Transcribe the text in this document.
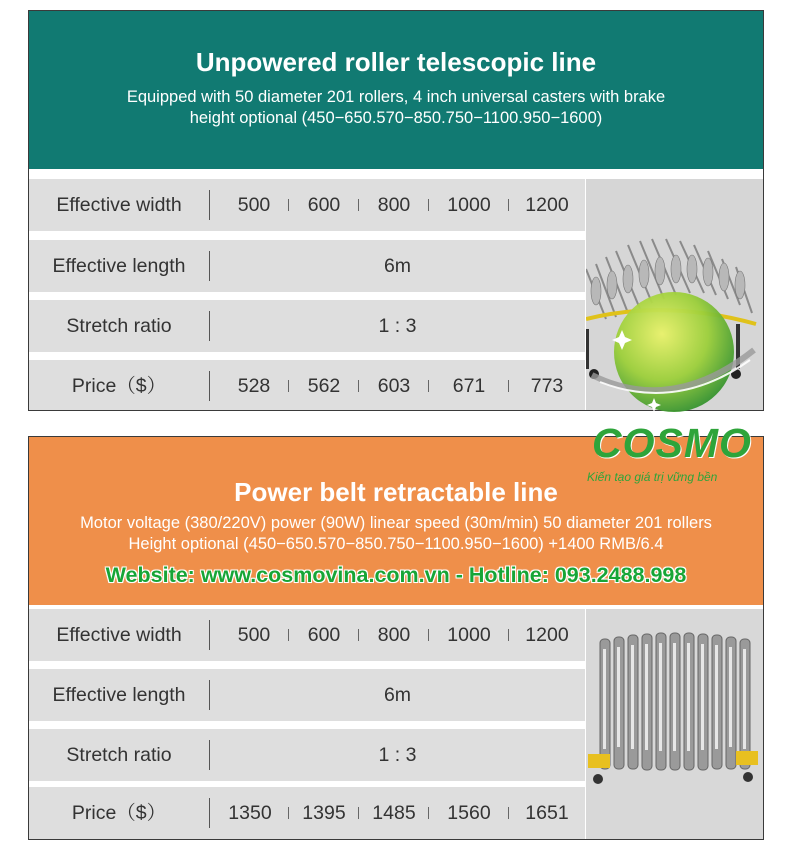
Unpowered roller telescopic line
Equipped with 50 diameter 201 rollers, 4 inch universal casters with brake
height optional (450−650.570−850.750−1100.950−1600)
Effective width	500	600	800	1000	1200
Effective length	6m
Stretch ratio	1 : 3
Price（$）	528	562	603	671	773
Power belt retractable line
Motor voltage (380/220V) power (90W) linear speed (30m/min) 50 diameter 201 rollers
Height optional (450−650.570−850.750−1100.950−1600) +1400 RMB/6.4
Website: www.cosmovina.com.vn - Hotline: 093.2488.998
Effective width	500	600	800	1000	1200
Effective length	6m
Stretch ratio	1 : 3
Price（$）	1350	1395	1485	1560	1651
COSMO
Kiến tạo giá trị vững bền
